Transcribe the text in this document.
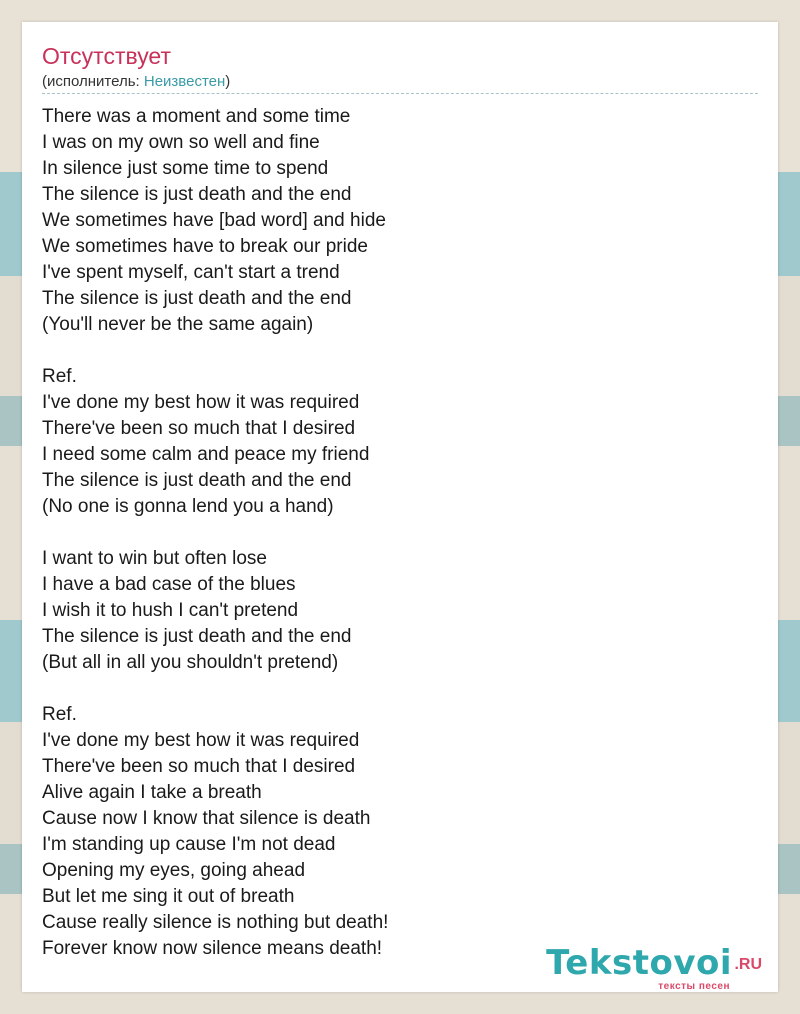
Отсутствует
(исполнитель: Неизвестен)
There was a moment and some time
I was on my own so well and fine
In silence just some time to spend
The silence is just death and the end
We sometimes have [bad word] and hide
We sometimes have to break our pride
I've spent myself, can't start a trend
The silence is just death and the end
(You'll never be the same again)
Ref.
I've done my best how it was required
There've been so much that I desired
I need some calm and peace my friend
The silence is just death and the end
(No one is gonna lend you a hand)
I want to win but often lose
I have a bad case of the blues
I wish it to hush I can't pretend
The silence is just death and the end
(But all in all you shouldn't pretend)
Ref.
I've done my best how it was required
There've been so much that I desired
Alive again I take a breath
Cause now I know that silence is death
I'm standing up cause I'm not dead
Opening my eyes, going ahead
But let me sing it out of breath
Cause really silence is nothing but death!
Forever know now silence means death!	Tekstovoi .RU
тексты песен
